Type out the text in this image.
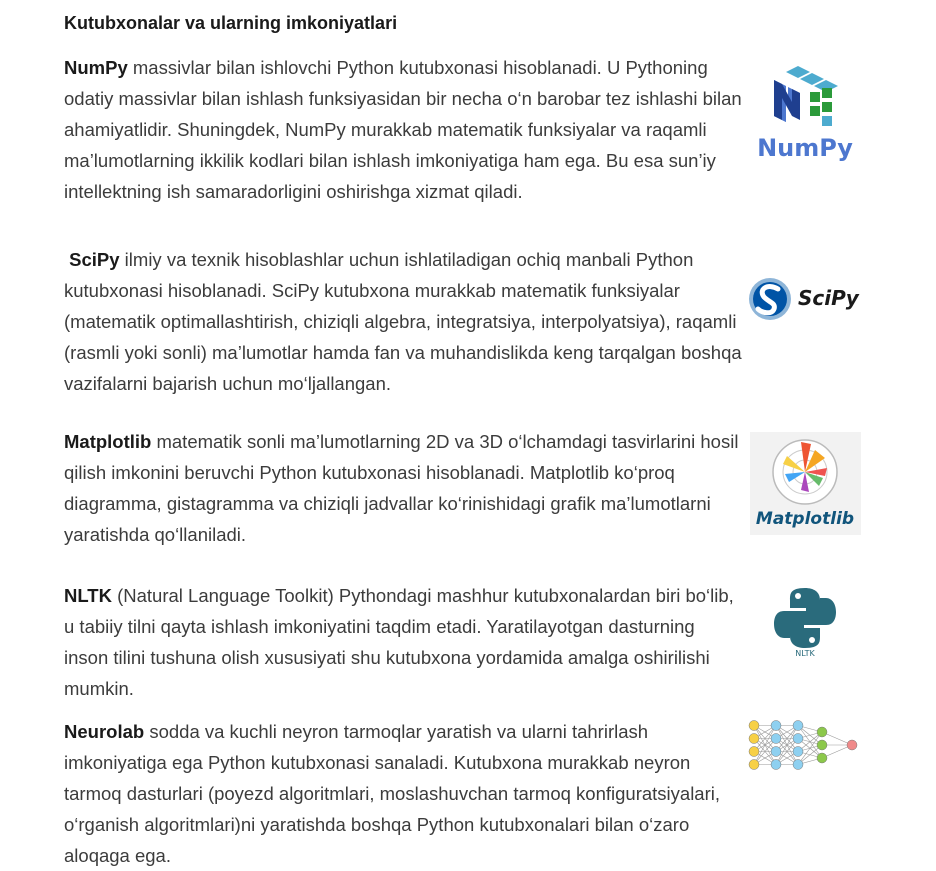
Kutubxonalar va ularning imkoniyatlari
NumPy massivlar bilan ishlovchi Python kutubxonasi hisoblanadi. U Pythoning odatiy massivlar bilan ishlash funksiyasidan bir necha o‘n barobar tez ishlashi bilan ahamiyatlidir. Shuningdek, NumPy murakkab matematik funksiyalar va raqamli ma’lumotlarning ikkilik kodlari bilan ishlash imkoniyatiga ham ega. Bu esa sun’iy intellektning ish samaradorligini oshirishga xizmat qiladi.
NumPy
SciPy ilmiy va texnik hisoblashlar uchun ishlatiladigan ochiq manbali Python kutubxonasi hisoblanadi. SciPy kutubxona murakkab matematik funksiyalar (matematik optimallashtirish, chiziqli algebra, integratsiya, interpolyatsiya), raqamli (rasmli yoki sonli) ma’lumotlar hamda fan va muhandislikda keng tarqalgan boshqa vazifalarni bajarish uchun mo‘ljallangan.
SciPy
Matplotlib matematik sonli ma’lumotlarning 2D va 3D o‘lchamdagi tasvirlarini hosil qilish imkonini beruvchi Python kutubxonasi hisoblanadi. Matplotlib ko‘proq diagramma, gistagramma va chiziqli jadvallar ko‘rinishidagi grafik ma’lumotlarni yaratishda qo‘llaniladi.
Matplotlib
NLTK (Natural Language Toolkit) Pythondagi mashhur kutubxonalardan biri bo‘lib, u tabiiy tilni qayta ishlash imkoniyatini taqdim etadi. Yaratilayotgan dasturning inson tilini tushuna olish xususiyati shu kutubxona yordamida amalga oshirilishi mumkin.
NLTK
Neurolab sodda va kuchli neyron tarmoqlar yaratish va ularni tahrirlash imkoniyatiga ega Python kutubxonasi sanaladi. Kutubxona murakkab neyron tarmoq dasturlari (poyezd algoritmlari, moslashuvchan tarmoq konfiguratsiyalari, o‘rganish algoritmlari)ni yaratishda boshqa Python kutubxonalari bilan o‘zaro aloqaga ega.
